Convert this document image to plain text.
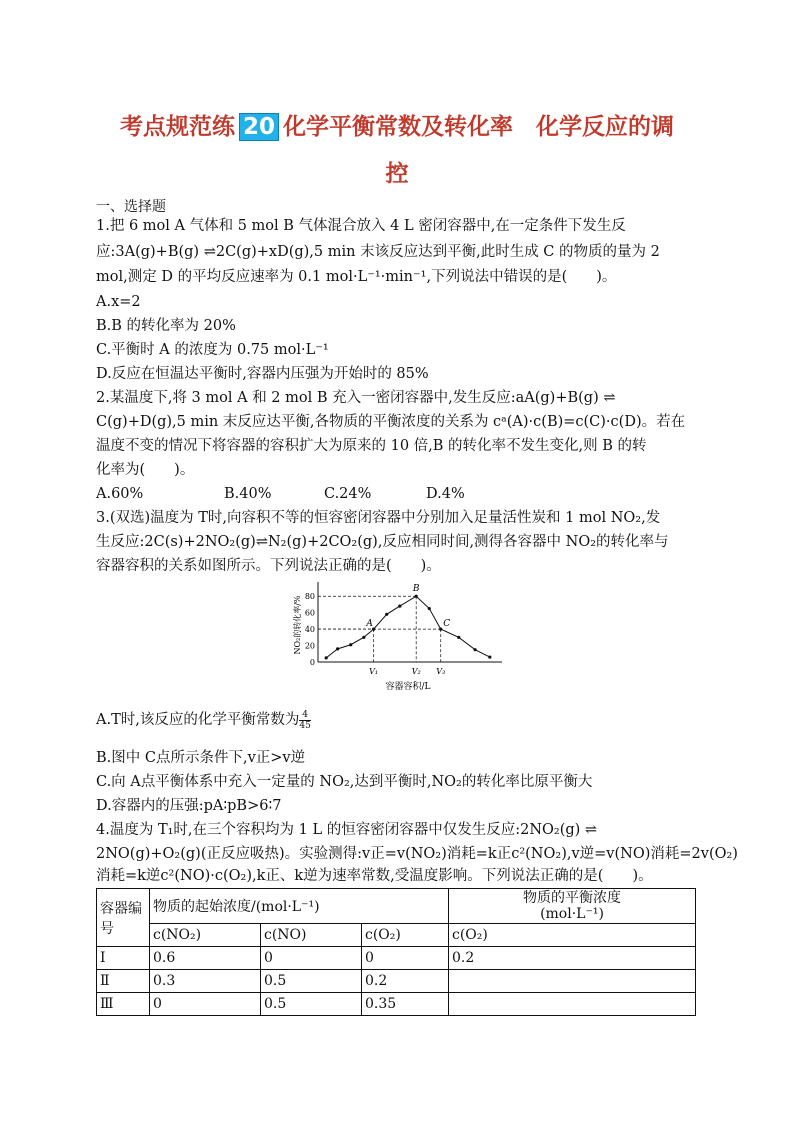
考点规范练 20 化学平衡常数及转化率　化学反应的调
控
一、选择题
1.把 6 mol A 气体和 5 mol B 气体混合放入 4 L 密闭容器中,在一定条件下发生反
应:3A(g)+B(g) ⇌2C(g)+xD(g),5 min 末该反应达到平衡,此时生成 C 的物质的量为 2
mol,测定 D 的平均反应速率为 0.1 mol·L⁻¹·min⁻¹,下列说法中错误的是(　　)。
A.x=2
B.B 的转化率为 20%
C.平衡时 A 的浓度为 0.75 mol·L⁻¹
D.反应在恒温达平衡时,容器内压强为开始时的 85%
2.某温度下,将 3 mol A 和 2 mol B 充入一密闭容器中,发生反应:aA(g)+B(g) ⇌
C(g)+D(g),5 min 末反应达平衡,各物质的平衡浓度的关系为 cᵃ(A)·c(B)=c(C)·c(D)。若在
温度不变的情况下将容器的容积扩大为原来的 10 倍,B 的转化率不发生变化,则 B 的转
化率为(　　)。
A.60%	B.40%	C.24%	D.4%
3.(双选)温度为 T时,向容积不等的恒容密闭容器中分别加入足量活性炭和 1 mol NO₂,发
生反应:2C(s)+2NO₂(g)⇌N₂(g)+2CO₂(g),反应相同时间,测得各容器中 NO₂的转化率与
容器容积的关系如图所示。下列说法正确的是(　　)。
NO₂的转化率/%
0
20
40
60
80
容器容积/L
V₁	V₂ V₃
A
B
C
A.T时,该反应的化学平衡常数为 $\frac{4}{45}$
B.图中 C点所示条件下,v正>v逆
C.向 A点平衡体系中充入一定量的 NO₂,达到平衡时,NO₂的转化率比原平衡大
D.容器内的压强:pA∶pB>6∶7
4.温度为 T₁时,在三个容积均为 1 L 的恒容密闭容器中仅发生反应:2NO₂(g) ⇌
2NO(g)+O₂(g)(正反应吸热)。实验测得:v正=v(NO₂)消耗=k正c²(NO₂),v逆=v(NO)消耗=2v(O₂)
消耗=k逆c²(NO)·c(O₂),k正、k逆为速率常数,受温度影响。下列说法正确的是(　　)。
容器编号	物质的起始浓度/(mol·L⁻¹)			物质的平衡浓度
(mol·L⁻¹)
	c(NO₂)	c(NO)	c(O₂)	c(O₂)
Ⅰ	0.6	0	0	0.2
Ⅱ	0.3	0.5	0.2	
Ⅲ	0	0.5	0.35	
